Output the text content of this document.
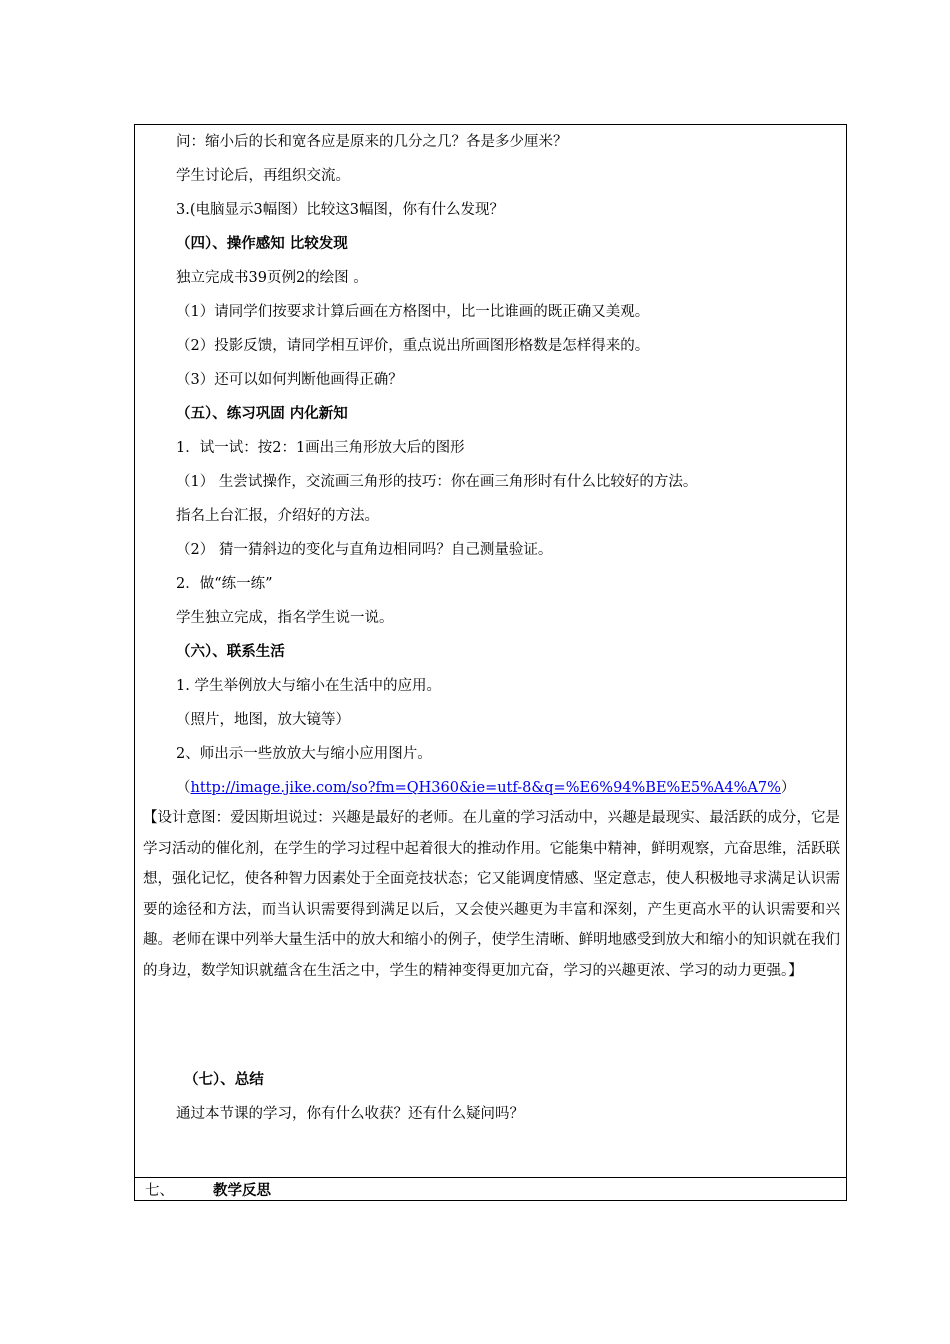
问：缩小后的长和宽各应是原来的几分之几？各是多少厘米？
学生讨论后，再组织交流。
3.(电脑显示3幅图）比较这3幅图，你有什么发现？
（四）、操作感知 比较发现
独立完成书39页例2的绘图 。
（1）请同学们按要求计算后画在方格图中，比一比谁画的既正确又美观。
（2）投影反馈，请同学相互评价，重点说出所画图形格数是怎样得来的。
（3）还可以如何判断他画得正确？
（五）、练习巩固 内化新知
1．试一试：按2：1画出三角形放大后的图形
（1） 生尝试操作，交流画三角形的技巧：你在画三角形时有什么比较好的方法。
指名上台汇报，介绍好的方法。
（2） 猜一猜斜边的变化与直角边相同吗？自己测量验证。
2．做“练一练”
学生独立完成，指名学生说一说。
（六）、联系生活
1. 学生举例放大与缩小在生活中的应用。
（照片，地图，放大镜等）
2、师出示一些放放大与缩小应用图片。
（http://image.jike.com/so?fm=QH360&ie=utf-8&q=%E6%94%BE%E5%A4%A7%）
【设计意图：爱因斯坦说过：兴趣是最好的老师。在儿童的学习活动中，兴趣是最现实、最活跃的成分，它是学习活动的催化剂，在学生的学习过程中起着很大的推动作用。它能集中精神，鲜明观察，亢奋思维，活跃联想，强化记忆，使各种智力因素处于全面竞技状态；它又能调度情感、坚定意志，使人积极地寻求满足认识需要的途径和方法，而当认识需要得到满足以后，又会使兴趣更为丰富和深刻，产生更高水平的认识需要和兴趣。老师在课中列举大量生活中的放大和缩小的例子，使学生清晰、鲜明地感受到放大和缩小的知识就在我们的身边，数学知识就蕴含在生活之中，学生的精神变得更加亢奋，学习的兴趣更浓、学习的动力更强。】
（七）、总结
通过本节课的学习，你有什么收获？还有什么疑问吗？
七、	教学反思
